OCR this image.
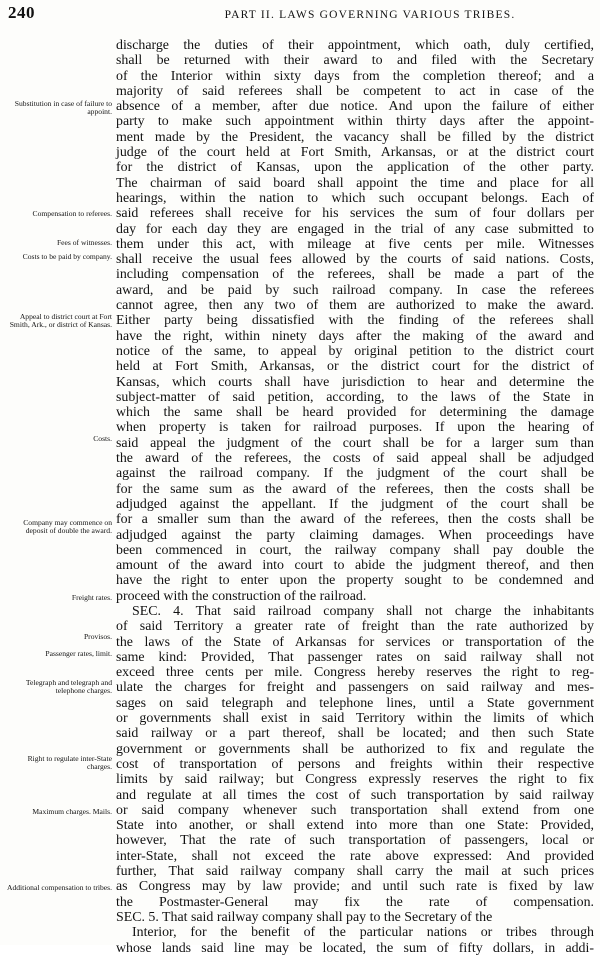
240	PART II. LAWS GOVERNING VARIOUS TRIBES.
Substitution in case of failure to appoint.
Compensation to referees.
Fees of witnesses.
Costs to be paid by company.
Appeal to district court at Fort Smith, Ark., or district of Kansas.
Costs.
Company may commence on deposit of double the award.
Freight rates.
Provisos.
Passenger rates, limit.
Telegraph and telegraph and telephone charges.
Right to regulate inter-State charges.
Maximum charges. Mails.
Additional compensation to tribes.
discharge the duties of their appointment, which oath, duly certified,
shall be returned with their award to and filed with the Secretary
of the Interior within sixty days from the completion thereof; and a
majority of said referees shall be competent to act in case of the
absence of a member, after due notice. And upon the failure of either
party to make such appointment within thirty days after the appoint-
ment made by the President, the vacancy shall be filled by the district
judge of the court held at Fort Smith, Arkansas, or at the district court
for the district of Kansas, upon the application of the other party.
The chairman of said board shall appoint the time and place for all
hearings, within the nation to which such occupant belongs. Each of
said referees shall receive for his services the sum of four dollars per
day for each day they are engaged in the trial of any case submitted to
them under this act, with mileage at five cents per mile. Witnesses
shall receive the usual fees allowed by the courts of said nations. Costs,
including compensation of the referees, shall be made a part of the
award, and be paid by such railroad company. In case the referees
cannot agree, then any two of them are authorized to make the award.
Either party being dissatisfied with the finding of the referees shall
have the right, within ninety days after the making of the award and
notice of the same, to appeal by original petition to the district court
held at Fort Smith, Arkansas, or the district court for the district of
Kansas, which courts shall have jurisdiction to hear and determine the
subject-matter of said petition, according, to the laws of the State in
which the same shall be heard provided for determining the damage
when property is taken for railroad purposes. If upon the hearing of
said appeal the judgment of the court shall be for a larger sum than
the award of the referees, the costs of said appeal shall be adjudged
against the railroad company. If the judgment of the court shall be
for the same sum as the award of the referees, then the costs shall be
adjudged against the appellant. If the judgment of the court shall be
for a smaller sum than the award of the referees, then the costs shall be
adjudged against the party claiming damages. When proceedings have
been commenced in court, the railway company shall pay double the
amount of the award into court to abide the judgment thereof, and then
have the right to enter upon the property sought to be condemned and
proceed with the construction of the railroad.
SEC. 4. That said railroad company shall not charge the inhabitants
of said Territory a greater rate of freight than the rate authorized by
the laws of the State of Arkansas for services or transportation of the
same kind: Provided, That passenger rates on said railway shall not
exceed three cents per mile. Congress hereby reserves the right to reg-
ulate the charges for freight and passengers on said railway and mes-
sages on said telegraph and telephone lines, until a State government
or governments shall exist in said Territory within the limits of which
said railway or a part thereof, shall be located; and then such State
government or governments shall be authorized to fix and regulate the
cost of transportation of persons and freights within their respective
limits by said railway; but Congress expressly reserves the right to fix
and regulate at all times the cost of such transportation by said railway
or said company whenever such transportation shall extend from one
State into another, or shall extend into more than one State: Provided,
however, That the rate of such transportation of passengers, local or
inter-State, shall not exceed the rate above expressed: And provided
further, That said railway company shall carry the mail at such prices
as Congress may by law provide; and until such rate is fixed by law
the Postmaster-General may fix the rate of compensation.
SEC. 5. That said railway company shall pay to the Secretary of the
Interior, for the benefit of the particular nations or tribes through
whose lands said line may be located, the sum of fifty dollars, in addi-
